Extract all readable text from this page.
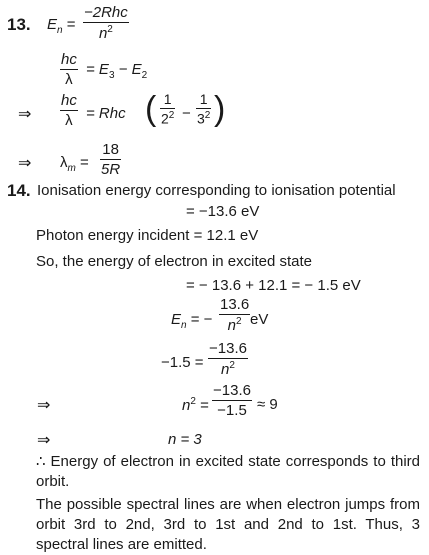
13. $E_n$ =
−2Rhc
$n^2$
hc
λ
= $E_3 - E_2$
⇒
hc
λ = Rhc ( 1
$2^2$ −
1
$3^2$ )
⇒ $\lambda_m$ =
18
5R
14. Ionisation energy corresponding to ionisation potential
= −13.6 eV
Photon energy incident = 12.1 eV
So, the energy of electron in excited state
= − 13.6 + 12.1 = − 1.5 eV
$E_n$ = −
13.6
$n^2$ eV
−1.5 =
−13.6
$n^2$
⇒	$n^2$ =
−13.6
−1.5 ≈ 9
⇒	n = 3
∴ Energy of electron in excited state corresponds to third orbit.
The possible spectral lines are when electron jumps from orbit 3rd to 2nd, 3rd to 1st and 2nd to 1st. Thus, 3 spectral lines are emitted.
